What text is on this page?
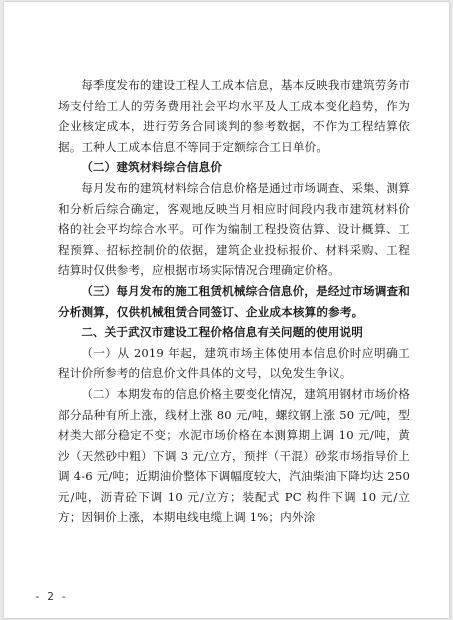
每季度发布的建设工程人工成本信息，基本反映我市建筑劳务市场支付给工人的劳务费用社会平均水平及人工成本变化趋势，作为企业核定成本，进行劳务合同谈判的参考数据，不作为工程结算依据。工种人工成本信息不等同于定额综合工日单价。

（二）建筑材料综合信息价

每月发布的建筑材料综合信息价格是通过市场调查、采集、测算和分析后综合确定，客观地反映当月相应时间段内我市建筑材料价格的社会平均综合水平。可作为编制工程投资估算、设计概算、工程预算、招标控制价的依据，建筑企业投标报价、材料采购、工程结算时仅供参考，应根据市场实际情况合理确定价格。

（三）每月发布的施工租赁机械综合信息价，是经过市场调查和分析测算，仅供机械租赁合同签订、企业成本核算的参考。

二、关于武汉市建设工程价格信息有关问题的使用说明

（一）从 2019 年起，建筑市场主体使用本信息价时应明确工程计价所参考的信息价文件具体的文号，以免发生争议。

（二）本期发布的信息价格主要变化情况，建筑用钢材市场价格部分品种有所上涨，线材上涨 80 元/吨，螺纹钢上涨 50 元/吨，型材类大部分稳定不变；水泥市场价格在本测算期上调 10 元/吨，黄沙（天然砂中粗）下调 3 元/立方，预拌（干混）砂浆市场指导价上调 4-6 元/吨；近期油价整体下调幅度较大，汽油柴油下降均达 250 元/吨，沥青砼下调 10 元/立方；装配式 PC 构件下调 10 元/立方；因铜价上涨，本期电线电缆上调 1%；内外涂

- 2 -
